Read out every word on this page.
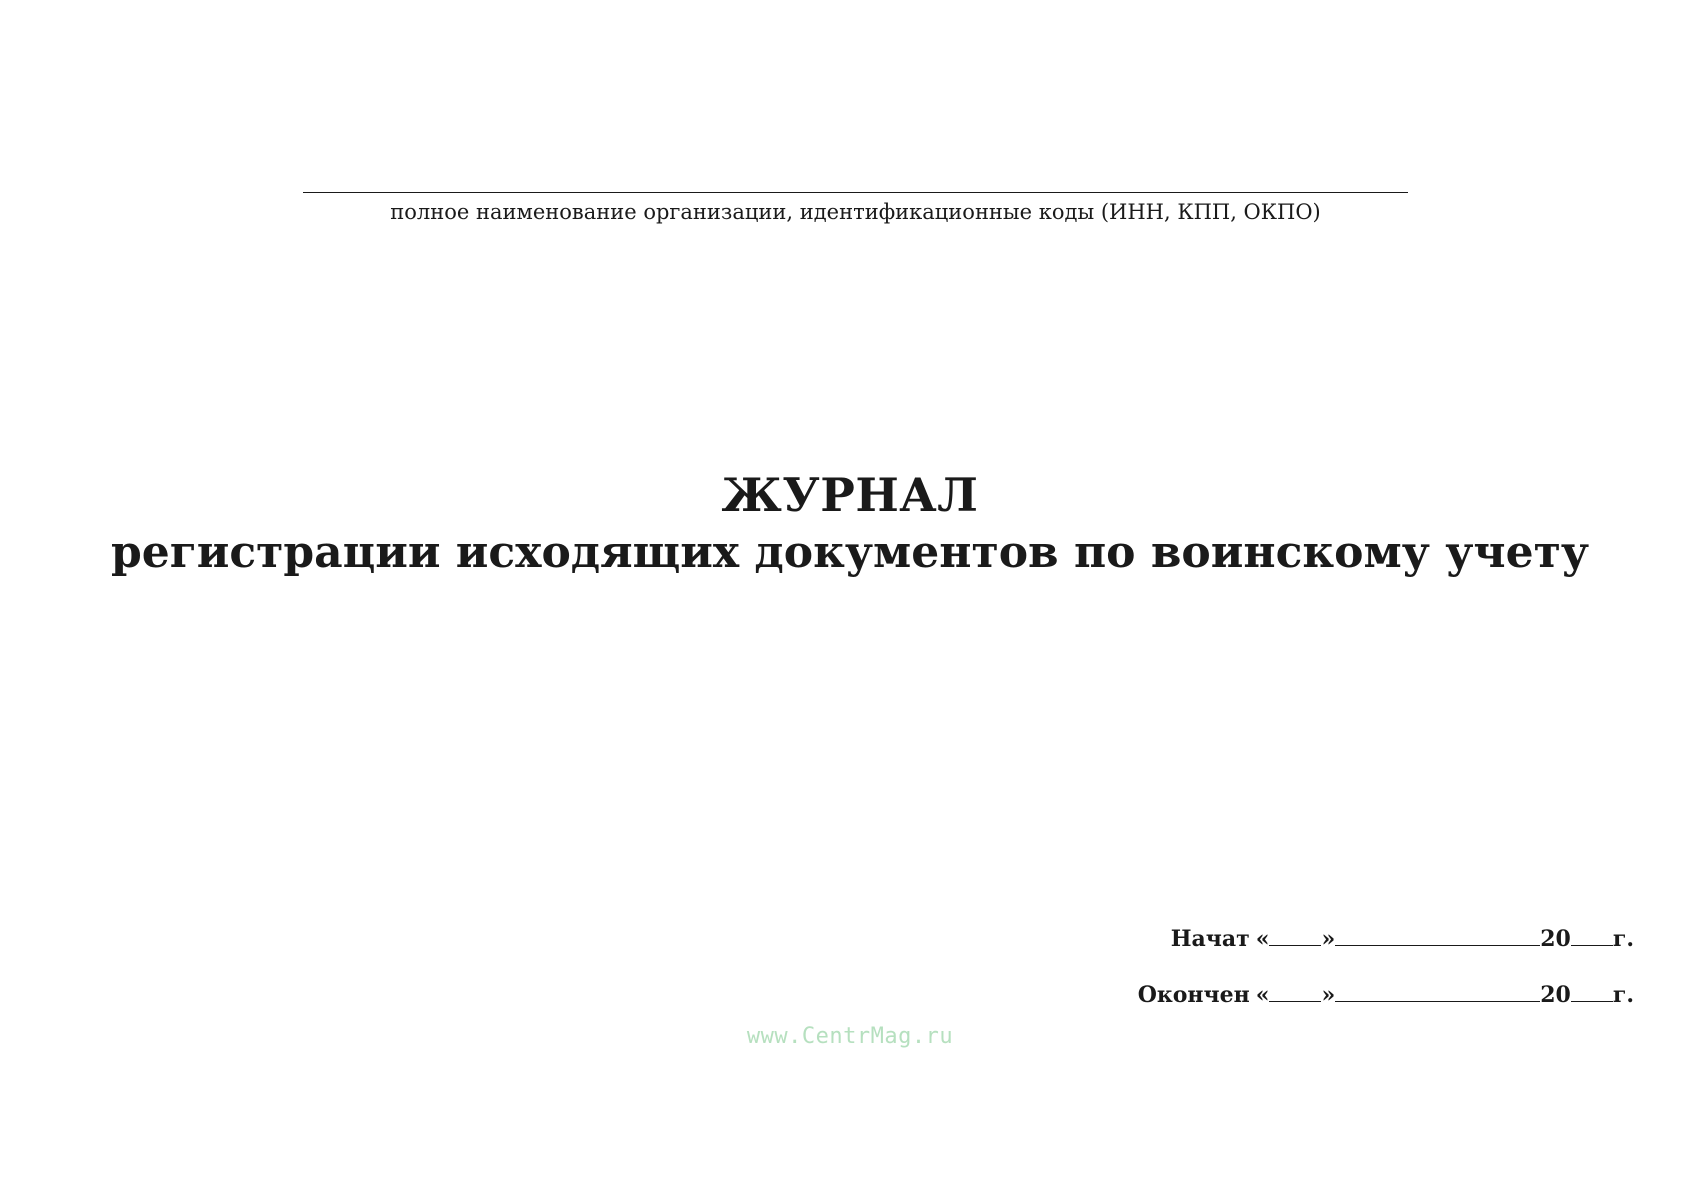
полное наименование организации, идентификационные коды (ИНН, КПП, ОКПО)
ЖУРНАЛ
регистрации исходящих документов по воинскому учету
Начат « »	20 г.
Окончен « »	20 г.
www.CentrMag.ru
